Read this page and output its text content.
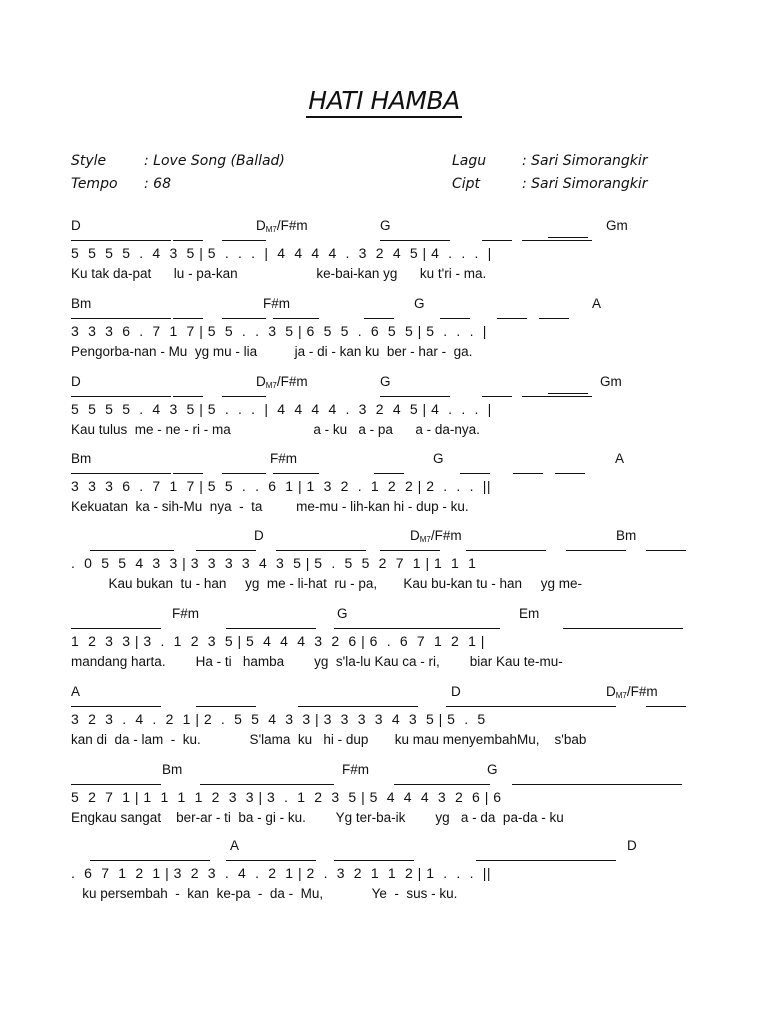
HATI HAMBA
Style	: Love Song (Ballad)
Tempo : 68
Lagu	: Sari Simorangkir
Cipt	: Sari Simorangkir
D	$D_{M7}/F\#m$	G	Gm
5  5  5  5  .  4  3  5 | 5  .  .  .  |  4  4  4  4  .  3  2  4  5 | 4  .  .  .  |
Ku tak da-pat      lu - pa-kan                     ke-bai-kan yg      ku t'ri - ma.
Bm	F#m	G	A
3  3  3  6  .  7  1  7 | 5  5  .  .  3  5 | 6  5  5  .  6  5  5 | 5  .  .  .  |
Pengorba-nan - Mu  yg mu - lia          ja - di - kan ku  ber - har -  ga.
D	$D_{M7}/F\#m$	G	Gm
5  5  5  5  .  4  3  5 | 5  .  .  .  |  4  4  4  4  .  3  2  4  5 | 4  .  .  .  |
Kau tulus  me - ne - ri - ma                      a - ku   a - pa      a - da-nya.
Bm	F#m	G	A
3  3  3  6  .  7  1  7 | 5  5  .  .  6  1 | 1  3  2  .  1  2  2 | 2  .  .  .  ||
Kekuatan  ka - sih-Mu  nya  -  ta         me-mu - lih-kan hi - dup - ku.
D	$D_{M7}/F\#m$	Bm
.  0  5  5  4  3  3 | 3  3  3  3  4  3  5 | 5  .  5  5  2  7  1 | 1  1  1
Kau bukan  tu - han     yg  me - li-hat  ru - pa,       Kau bu-kan tu - han     yg me-
F#m	G	Em
1  2  3  3 | 3  .  1  2  3  5 | 5  4  4  4  3  2  6 | 6  .  6  7  1  2  1 |
mandang harta.        Ha - ti   hamba        yg  s'la-lu Kau ca - ri,        biar Kau te-mu-
A	D	$D_{M7}/F\#m$
3  2  3  .  4  .  2  1 | 2  .  5  5  4  3  3 | 3  3  3  3  4  3  5 | 5  .  5
kan di  da - lam  -  ku.             S'lama  ku   hi - dup       ku mau menyembahMu,    s'bab
Bm	F#m	G
5  2  7  1 | 1  1  1  1  2  3  3 | 3  .  1  2  3  5 | 5  4  4  4  3  2  6 | 6
Engkau sangat    ber-ar - ti  ba - gi - ku.        Yg ter-ba-ik        yg   a - da  pa-da - ku
A	D
.  6  7  1  2  1 | 3  2  3  .  4  .  2  1 | 2  .  3  2  1  1  2 | 1  .  .  .  ||
ku persembah  -  kan  ke-pa  -  da -  Mu,             Ye  -  sus - ku.
